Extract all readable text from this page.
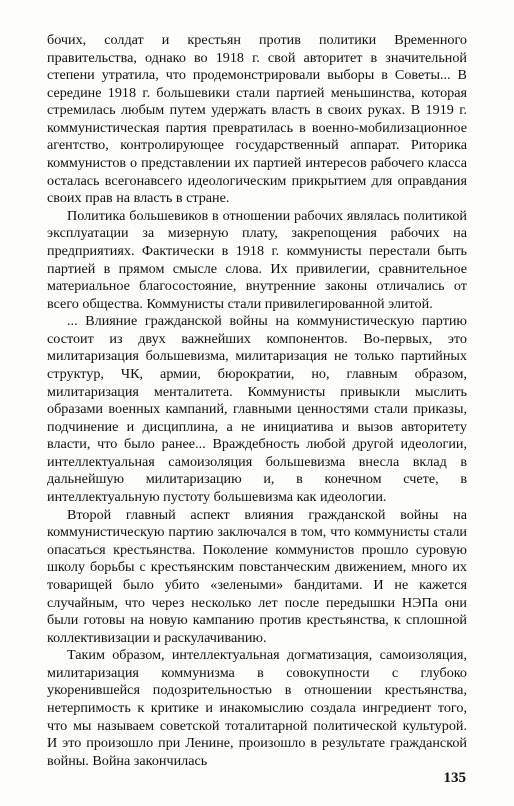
бочих, солдат и крестьян против политики Временного правительства, однако во 1918 г. свой авторитет в значительной степени утратила, что продемонстрировали выборы в Советы... В середине 1918 г. большевики стали партией меньшинства, которая стремилась любым путем удержать власть в своих руках. В 1919 г. коммунистическая партия превратилась в военно-мобилизационное агентство, контролирующее государственный аппарат. Риторика коммунистов о представлении их партией интересов рабочего класса осталась всегонавсего идеологическим прикрытием для оправдания своих прав на власть в стране.

Политика большевиков в отношении рабочих являлась политикой эксплуатации за мизерную плату, закрепощения рабочих на предприятиях. Фактически в 1918 г. коммунисты перестали быть партией в прямом смысле слова. Их привилегии, сравнительное материальное благосостояние, внутренние законы отличались от всего общества. Коммунисты стали привилегированной элитой.

... Влияние гражданской войны на коммунистическую партию состоит из двух важнейших компонентов. Во-первых, это милитаризация большевизма, милитаризация не только партийных структур, ЧК, армии, бюрократии, но, главным образом, милитаризация менталитета. Коммунисты привыкли мыслить образами военных кампаний, главными ценностями стали приказы, подчинение и дисциплина, а не инициатива и вызов авторитету власти, что было ранее... Враждебность любой другой идеологии, интеллектуальная самоизоляция большевизма внесла вклад в дальнейшую милитаризацию и, в конечном счете, в интеллектуальную пустоту большевизма как идеологии.

Второй главный аспект влияния гражданской войны на коммунистическую партию заключался в том, что коммунисты стали опасаться крестьянства. Поколение коммунистов прошло суровую школу борьбы с крестьянским повстанческим движением, много их товарищей было убито «зелеными» бандитами. И не кажется случайным, что через несколько лет после передышки НЭПа они были готовы на новую кампанию против крестьянства, к сплошной коллективизации и раскулачиванию.

Таким образом, интеллектуальная догматизация, самоизоляция, милитаризация коммунизма в совокупности с глубоко укоренившейся подозрительностью в отношении крестьянства, нетерпимость к критике и инакомыслию создала ингредиент того, что мы называем советской тоталитарной политической культурой. И это произошло при Ленине, произошло в результате гражданской войны. Война закончилась

135
